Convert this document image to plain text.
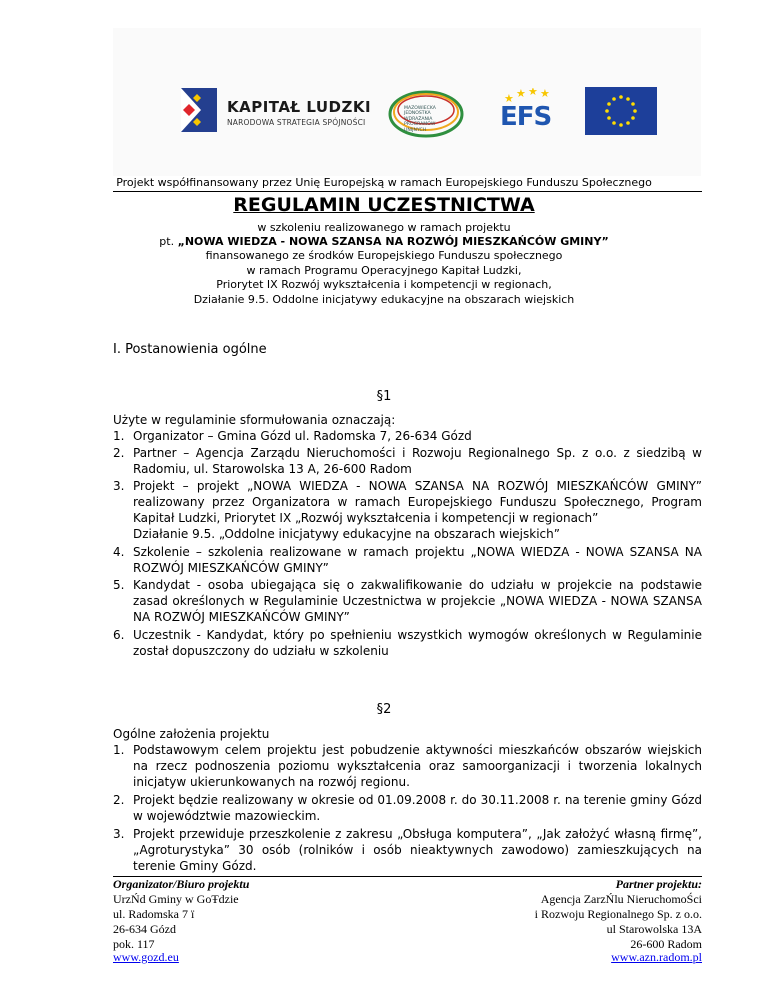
KAPITAŁ LUDZKI
NARODOWA STRATEGIA SPÓJNOŚCI
MAZOWIECKA JEDNOSTKA WDRAŻANIA PROGRAMÓW UNIJNYCH
★ ★ ★ ★
EFS
Projekt współfinansowany przez Unię Europejską w ramach Europejskiego Funduszu Społecznego
REGULAMIN UCZESTNICTWA
w szkoleniu realizowanego w ramach projektu
pt. „NOWA WIEDZA - NOWA SZANSA NA ROZWÓJ MIESZKAŃCÓW GMINY”
finansowanego ze środków Europejskiego Funduszu społecznego
w ramach Programu Operacyjnego Kapitał Ludzki,
Priorytet IX Rozwój wykształcenia i kompetencji w regionach,
Działanie 9.5. Oddolne inicjatywy edukacyjne na obszarach wiejskich
I. Postanowienia ogólne
§1
Użyte w regulaminie sformułowania oznaczają:
1. Organizator – Gmina Gózd ul. Radomska 7, 26-634 Gózd
2. Partner – Agencja Zarządu Nieruchomości i Rozwoju Regionalnego Sp. z o.o. z siedzibą w Radomiu, ul. Starowolska 13 A, 26-600 Radom
3. Projekt – projekt „NOWA WIEDZA - NOWA SZANSA NA ROZWÓJ MIESZKAŃCÓW GMINY” realizowany przez Organizatora w ramach Europejskiego Funduszu Społecznego, Program Kapitał Ludzki, Priorytet IX „Rozwój wykształcenia i kompetencji w regionach”
Działanie 9.5. „Oddolne inicjatywy edukacyjne na obszarach wiejskich”
4. Szkolenie – szkolenia realizowane w ramach projektu „NOWA WIEDZA - NOWA SZANSA NA ROZWÓJ MIESZKAŃCÓW GMINY”
5. Kandydat - osoba ubiegająca się o zakwalifikowanie do udziału w projekcie na podstawie zasad określonych w Regulaminie Uczestnictwa w projekcie „NOWA WIEDZA - NOWA SZANSA NA ROZWÓJ MIESZKAŃCÓW GMINY”
6. Uczestnik - Kandydat, który po spełnieniu wszystkich wymogów określonych w Regulaminie został dopuszczony do udziału w szkoleniu
§2
Ogólne założenia projektu
1. Podstawowym celem projektu jest pobudzenie aktywności mieszkańców obszarów wiejskich na rzecz podnoszenia poziomu wykształcenia oraz samoorganizacji i tworzenia lokalnych inicjatyw ukierunkowanych na rozwój regionu.
2. Projekt będzie realizowany w okresie od 01.09.2008 r. do 30.11.2008 r. na terenie gminy Gózd w województwie mazowieckim.
3. Projekt przewiduje przeszkolenie z zakresu „Obsługa komputera”, „Jak założyć własną firmę”, „Agroturystyka” 30 osób (rolników i osób nieaktywnych zawodowo) zamieszkujących na terenie Gminy Gózd.
Organizator/Biuro projektu
UrzŃd Gminy w GoŦdzie
ul. Radomska 7 ï
26-634 Gózd
pok. 117
www.gozd.eu
Partner projektu:
Agencja ZarzŃlu NieruchomoŚci
i Rozwoju Regionalnego Sp. z o.o.
ul Starowolska 13A
26-600 Radom
www.azn.radom.pl
